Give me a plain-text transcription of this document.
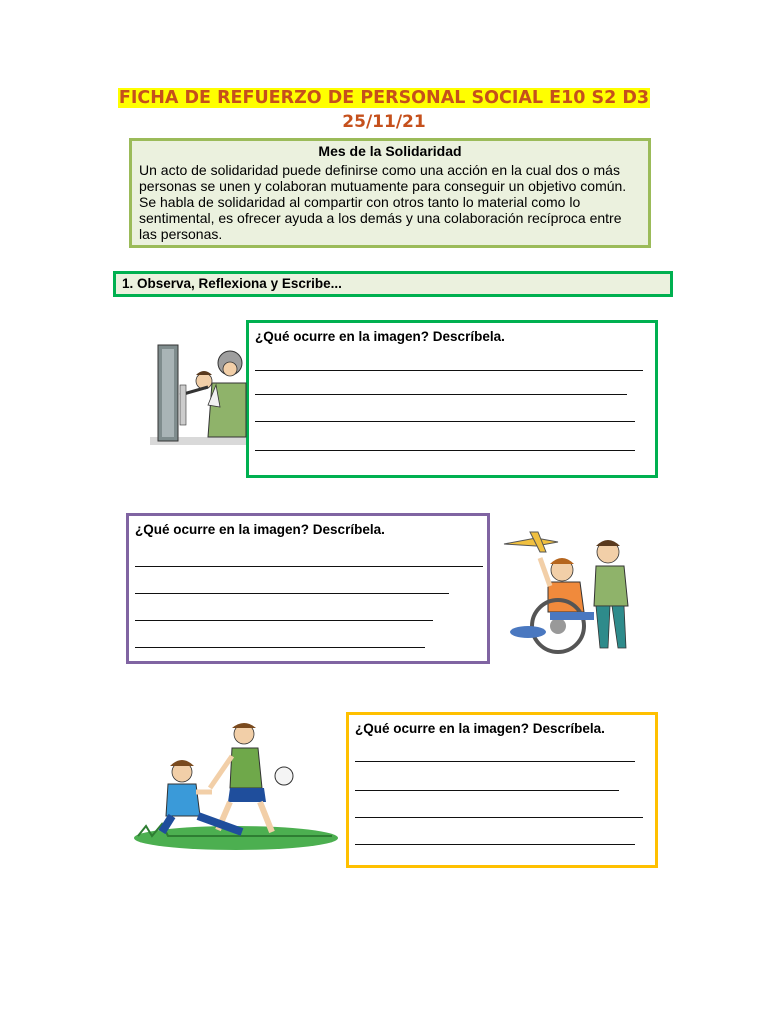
FICHA DE REFUERZO DE PERSONAL SOCIAL E10 S2 D3
25/11/21
Mes de la Solidaridad
Un acto de solidaridad puede definirse como una acción en la cual dos o más personas se unen y colaboran mutuamente para conseguir un objetivo común. Se habla de solidaridad al compartir con otros tanto lo material como lo sentimental, es ofrecer ayuda a los demás y una colaboración recíproca entre las personas.
1. Observa, Reflexiona y Escribe...
¿Qué ocurre en la imagen? Descríbela.
¿Qué ocurre en la imagen? Descríbela.
¿Qué ocurre en la imagen? Descríbela.
